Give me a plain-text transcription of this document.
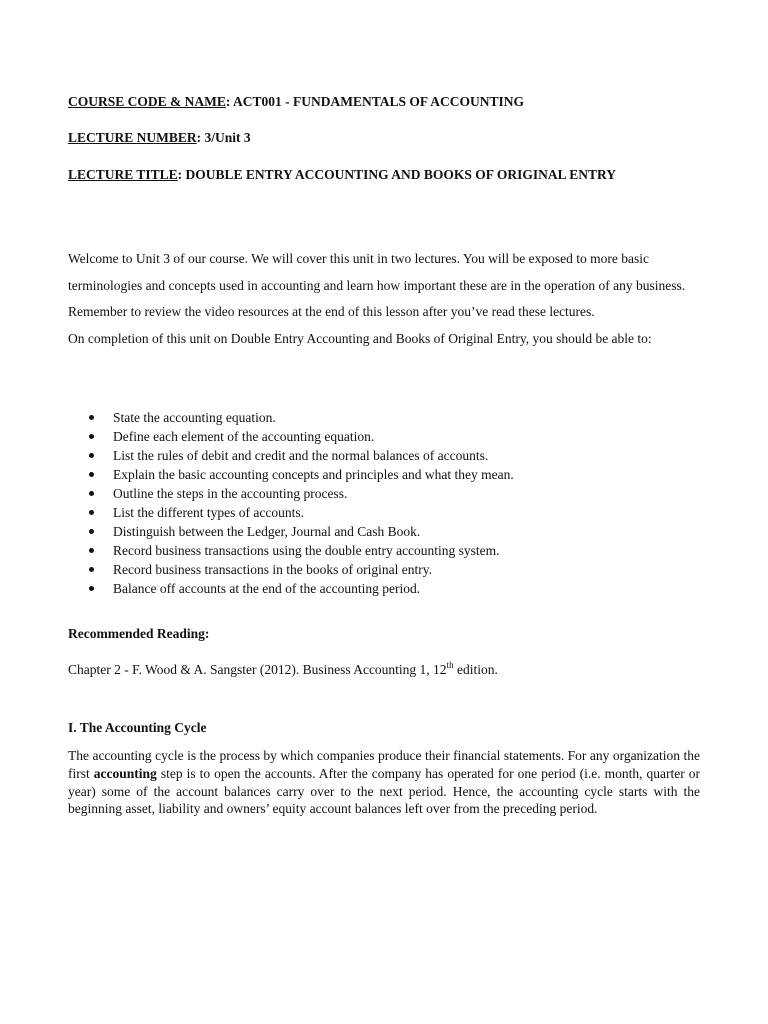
COURSE CODE & NAME: ACT001 - FUNDAMENTALS OF ACCOUNTING
LECTURE NUMBER: 3/Unit 3
LECTURE TITLE: DOUBLE ENTRY ACCOUNTING AND BOOKS OF ORIGINAL ENTRY

Welcome to Unit 3 of our course. We will cover this unit in two lectures. You will be exposed to more basic terminologies and concepts used in accounting and learn how important these are in the operation of any business. Remember to review the video resources at the end of this lesson after you’ve read these lectures.

On completion of this unit on Double Entry Accounting and Books of Original Entry, you should be able to:

State the accounting equation.
Define each element of the accounting equation.
List the rules of debit and credit and the normal balances of accounts.
Explain the basic accounting concepts and principles and what they mean.
Outline the steps in the accounting process.
List the different types of accounts.
Distinguish between the Ledger, Journal and Cash Book.
Record business transactions using the double entry accounting system.
Record business transactions in the books of original entry.
Balance off accounts at the end of the accounting period.
Recommended Reading:
Chapter 2 - F. Wood & A. Sangster (2012). Business Accounting 1, 12th edition.
I. The Accounting Cycle

The accounting cycle is the process by which companies produce their financial statements. For any organization the first accounting step is to open the accounts. After the company has operated for one period (i.e. month, quarter or year) some of the account balances carry over to the next period. Hence, the accounting cycle starts with the beginning asset, liability and owners’ equity account balances left over from the preceding period.
